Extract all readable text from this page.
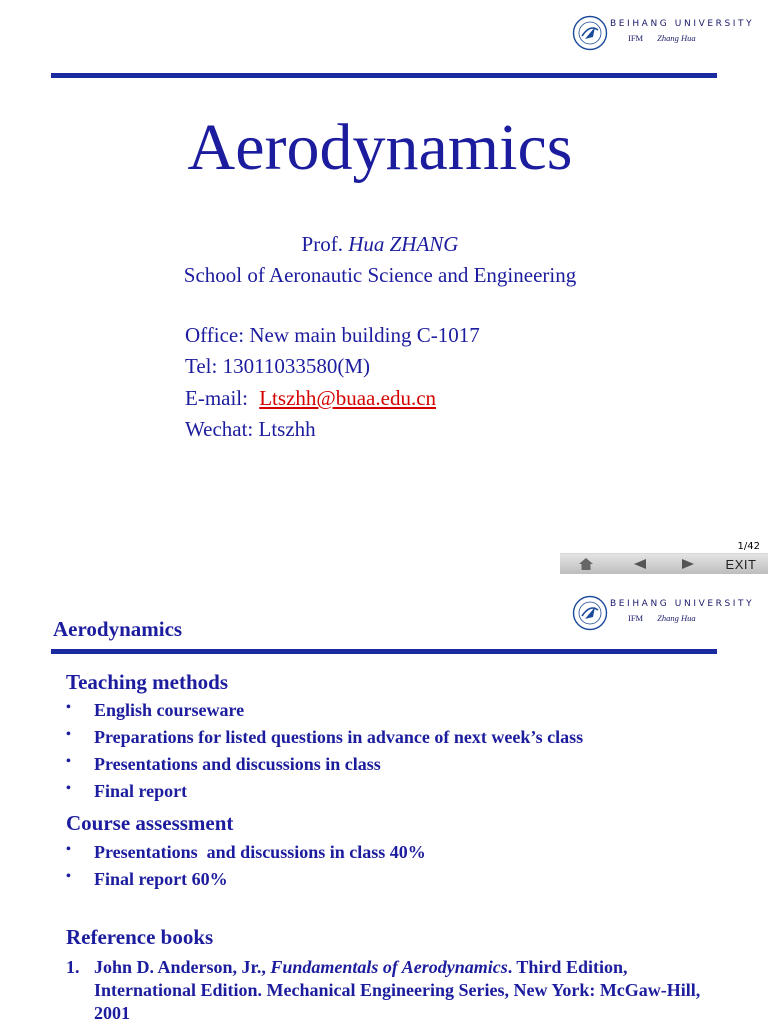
BEIHANG UNIVERSITY
IFM Zhang Hua
Aerodynamics
Prof. Hua ZHANG
School of Aeronautic Science and Engineering
Office: New main building C-1017
Tel: 13011033580(M)
E-mail: Ltszhh@buaa.edu.cn
Wechat: Ltszhh
1/42
EXIT
BEIHANG UNIVERSITY
IFM Zhang Hua
Aerodynamics
Teaching methods
• English courseware
• Preparations for listed questions in advance of next week’s class
• Presentations and discussions in class
• Final report
Course assessment
• Presentations  and discussions in class 40%
• Final report 60%
Reference books
1. John D. Anderson, Jr., Fundamentals of Aerodynamics. Third Edition, International Edition. Mechanical Engineering Series, New York: McGaw-Hill, 2001
